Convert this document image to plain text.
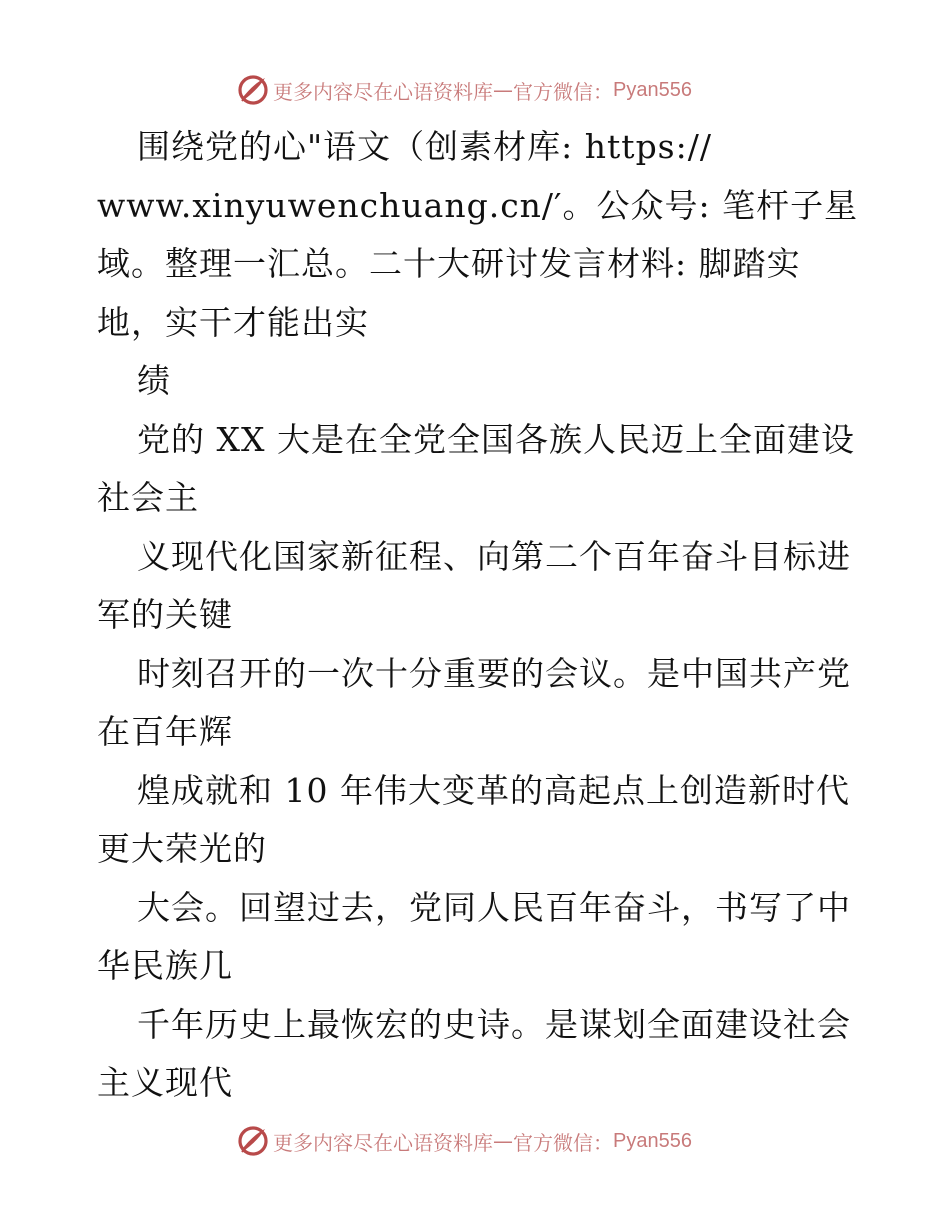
更多内容尽在心语资料库 — 官方微信： Pyan556
围绕党的心"语文（创素材库: https://
www.xinyuwenchuang.cn/′。公众号: 笔杆子星
域。整理一汇总。二十大研讨发言材料: 脚踏实
地，实干才能出实
绩
党的 XX 大是在全党全国各族人民迈上全面建设
社会主
义现代化国家新征程、向第二个百年奋斗目标进
军的关键
时刻召开的一次十分重要的会议。是中国共产党
在百年辉
煌成就和 10 年伟大变革的高起点上创造新时代
更大荣光的
大会。回望过去，党同人民百年奋斗，书写了中
华民族几
千年历史上最恢宏的史诗。是谋划全面建设社会
主义现代
更多内容尽在心语资料库 — 官方微信： Pyan556
